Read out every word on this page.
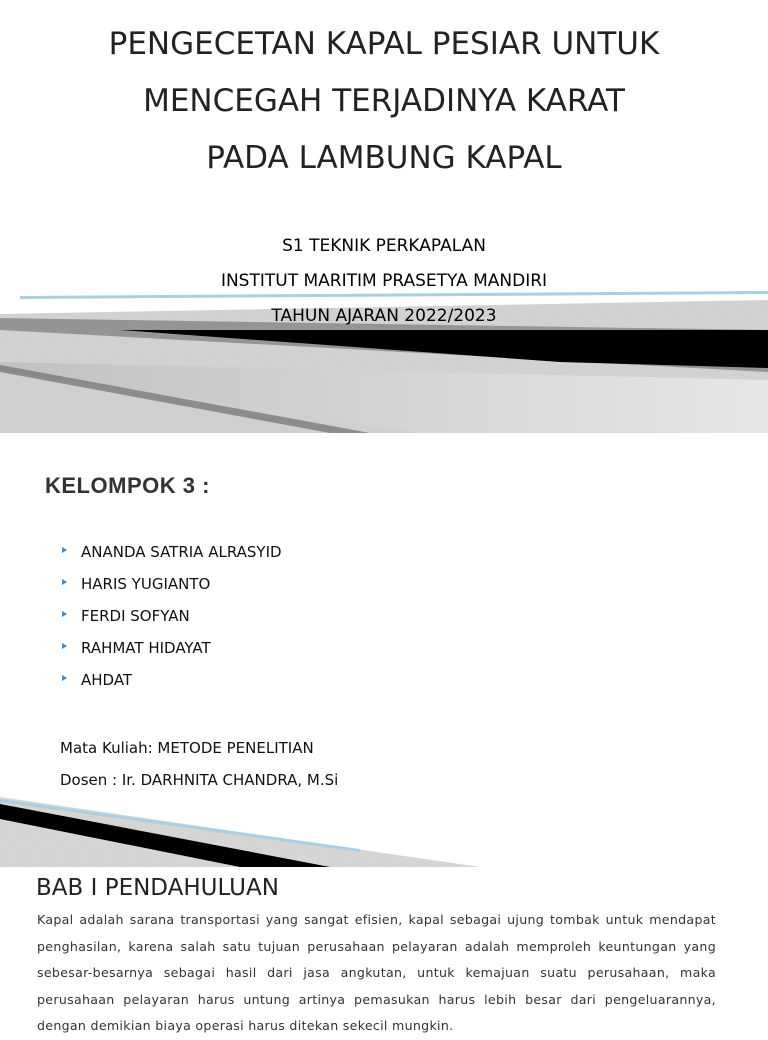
PENGECETAN KAPAL PESIAR UNTUK
MENCEGAH TERJADINYA KARAT
PADA LAMBUNG KAPAL
S1 TEKNIK PERKAPALAN
INSTITUT MARITIM PRASETYA MANDIRI
TAHUN AJARAN 2022/2023
KELOMPOK 3 :
ANANDA SATRIA ALRASYID
HARIS YUGIANTO
FERDI SOFYAN
RAHMAT HIDAYAT
AHDAT
Mata Kuliah: METODE PENELITIAN
Dosen : Ir. DARHNITA CHANDRA, M.Si
BAB I PENDAHULUAN
Kapal adalah sarana transportasi yang sangat efisien, kapal sebagai ujung tombak untuk mendapat penghasilan, karena salah satu tujuan perusahaan pelayaran adalah memproleh keuntungan yang sebesar-besarnya sebagai hasil dari jasa angkutan, untuk kemajuan suatu perusahaan, maka perusahaan pelayaran harus untung artinya pemasukan harus lebih besar dari pengeluarannya, dengan demikian biaya operasi harus ditekan sekecil mungkin.
